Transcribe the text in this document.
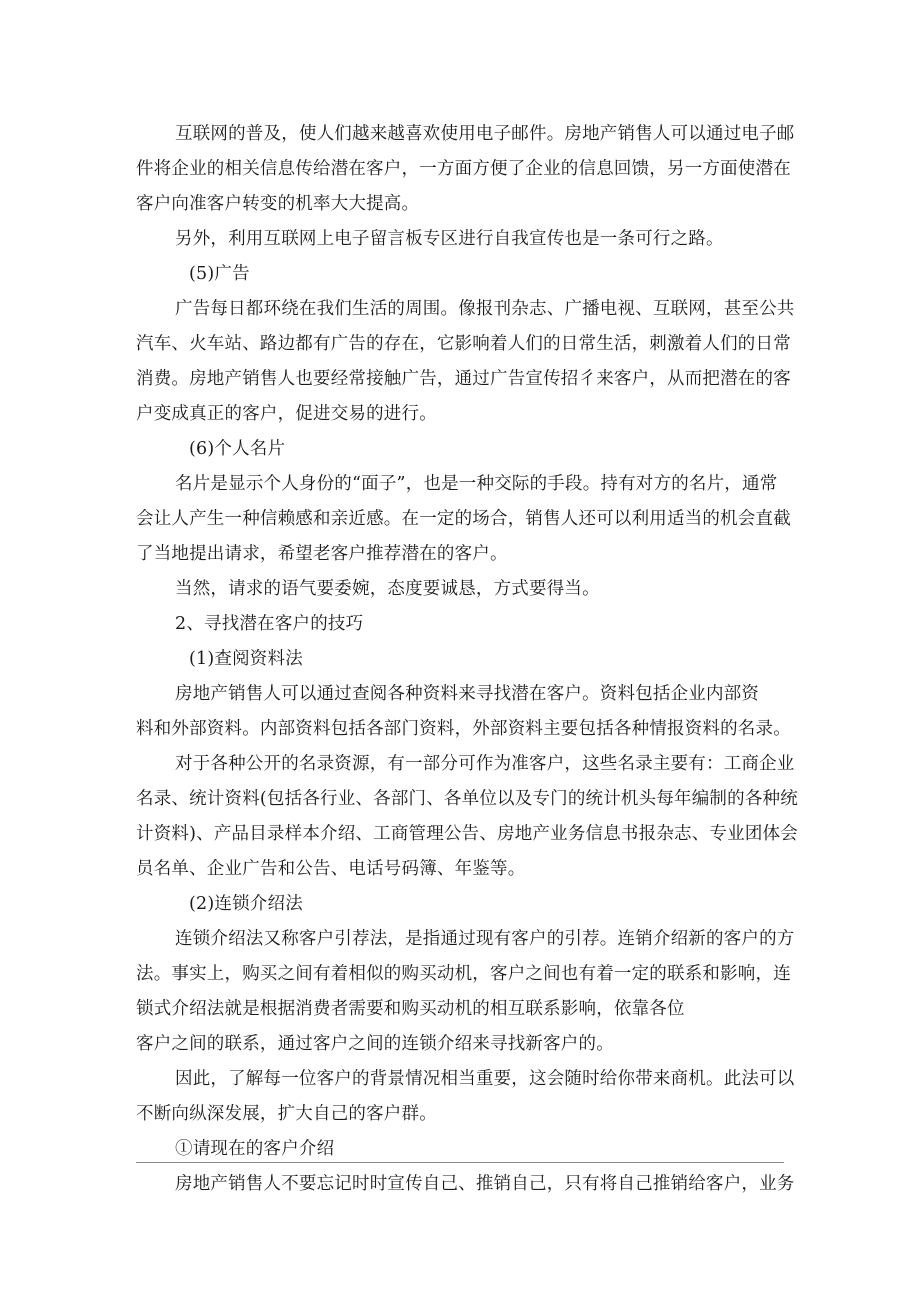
互联网的普及，使人们越来越喜欢使用电子邮件。房地产销售人可以通过电子邮
件将企业的相关信息传给潜在客户，一方面方便了企业的信息回馈，另一方面使潜在
客户向准客户转变的机率大大提高。
另外，利用互联网上电子留言板专区进行自我宣传也是一条可行之路。
(5)广告
广告每日都环绕在我们生活的周围。像报刊杂志、广播电视、互联网，甚至公共
汽车、火车站、路边都有广告的存在，它影响着人们的日常生活，刺激着人们的日常
消费。房地产销售人也要经常接触广告，通过广告宣传招彳来客户，从而把潜在的客
户变成真正的客户，促进交易的进行。
(6)个人名片
名片是显示个人身份的“面子”，也是一种交际的手段。持有对方的名片，通常
会让人产生一种信赖感和亲近感。在一定的场合，销售人还可以利用适当的机会直截
了当地提出请求，希望老客户推荐潜在的客户。
当然，请求的语气要委婉，态度要诚恳，方式要得当。
2、寻找潜在客户的技巧
(1)查阅资料法
房地产销售人可以通过查阅各种资料来寻找潜在客户。资料包括企业内部资
料和外部资料。内部资料包括各部门资料，外部资料主要包括各种情报资料的名录。
对于各种公开的名录资源，有一部分可作为准客户，这些名录主要有：工商企业
名录、统计资料(包括各行业、各部门、各单位以及专门的统计机头每年编制的各种统
计资料)、产品目录样本介绍、工商管理公告、房地产业务信息书报杂志、专业团体会
员名单、企业广告和公告、电话号码簿、年鉴等。
(2)连锁介绍法
连锁介绍法又称客户引荐法，是指通过现有客户的引荐。连销介绍新的客户的方
法。事实上，购买之间有着相似的购买动机，客户之间也有着一定的联系和影响，连
锁式介绍法就是根据消费者需要和购买动机的相互联系影响，依靠各位
客户之间的联系，通过客户之间的连锁介绍来寻找新客户的。
因此，了解每一位客户的背景情况相当重要，这会随时给你带来商机。此法可以
不断向纵深发展，扩大自己的客户群。
①请现在的客户介绍
房地产销售人不要忘记时时宣传自己、推销自己，只有将自己推销给客户，业务
